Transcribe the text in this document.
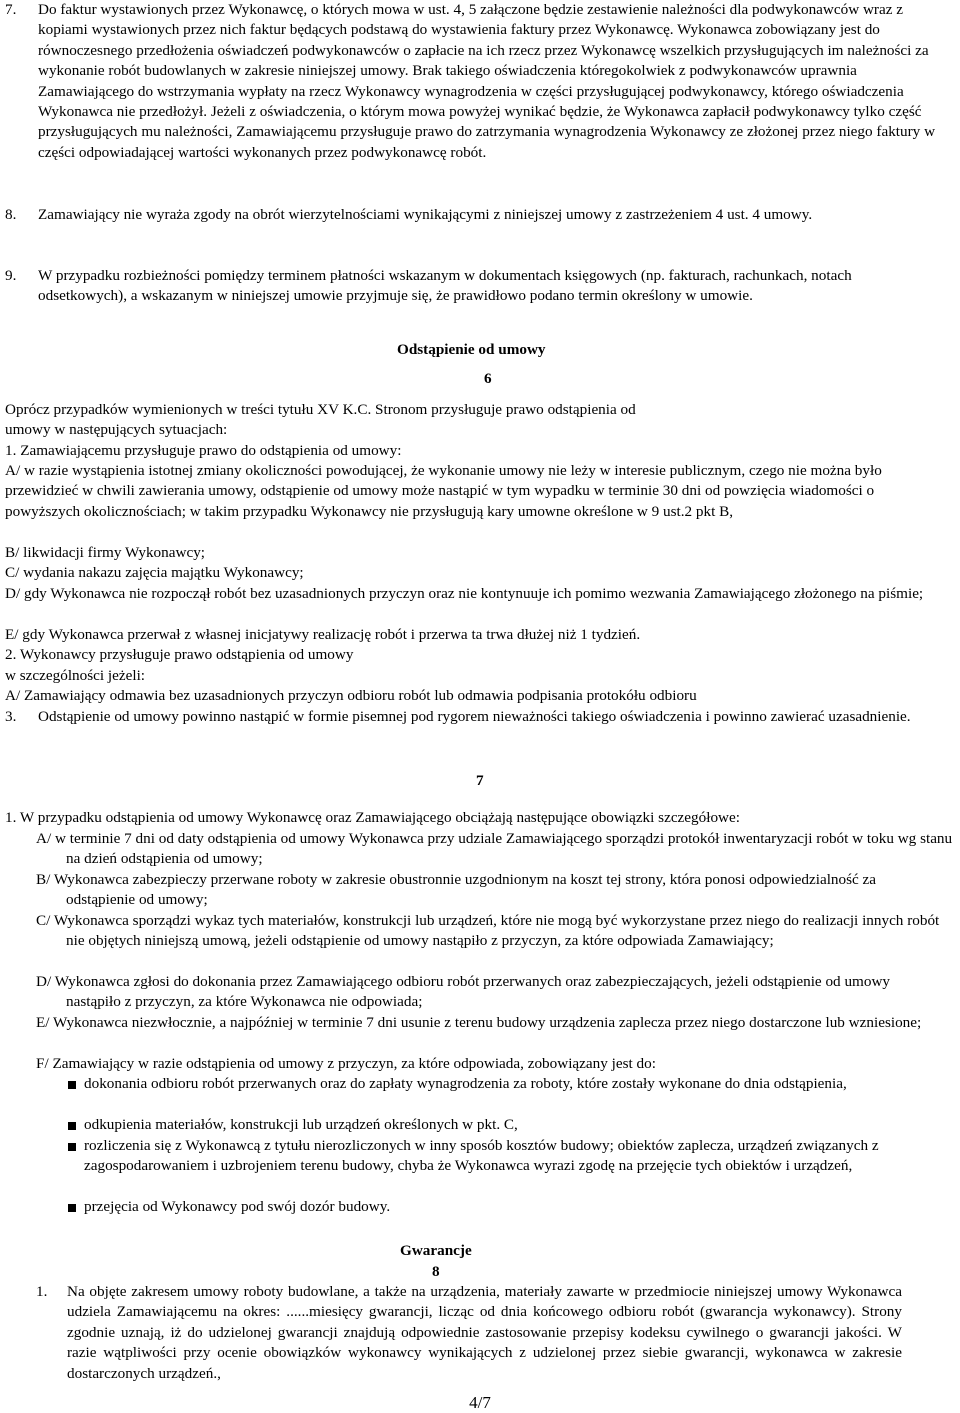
7. Do faktur wystawionych przez Wykonawcę, o których mowa w ust. 4, 5 załączone będzie zestawienie należności dla podwykonawców wraz z kopiami wystawionych przez nich faktur będących podstawą do wystawienia faktury przez Wykonawcę. Wykonawca zobowiązany jest do równoczesnego przedłożenia oświadczeń podwykonawców o zapłacie na ich rzecz przez Wykonawcę wszelkich przysługujących im należności za wykonanie robót budowlanych w zakresie niniejszej umowy. Brak takiego oświadczenia któregokolwiek z podwykonawców uprawnia Zamawiającego do wstrzymania wypłaty na rzecz Wykonawcy wynagrodzenia w części przysługującej podwykonawcy, którego oświadczenia Wykonawca nie przedłożył. Jeżeli z oświadczenia, o którym mowa powyżej wynikać będzie, że Wykonawca zapłacił podwykonawcy tylko część przysługujących mu należności, Zamawiającemu przysługuje prawo do zatrzymania wynagrodzenia Wykonawcy ze złożonej przez niego faktury w części odpowiadającej wartości wykonanych przez podwykonawcę robót.
8. Zamawiający nie wyraża zgody na obrót wierzytelnościami wynikającymi z niniejszej umowy z zastrzeżeniem 4 ust. 4 umowy.
9. W przypadku rozbieżności pomiędzy terminem płatności wskazanym w dokumentach księgowych (np. fakturach, rachunkach, notach odsetkowych), a wskazanym w niniejszej umowie przyjmuje się, że prawidłowo podano termin określony w umowie.
Odstąpienie od umowy
6
Oprócz przypadków wymienionych w treści tytułu XV K.C. Stronom przysługuje prawo odstąpienia od umowy w następujących sytuacjach:
1. Zamawiającemu przysługuje prawo do odstąpienia od umowy:
A/ w razie wystąpienia istotnej zmiany okoliczności powodującej, że wykonanie umowy nie leży w interesie publicznym, czego nie można było przewidzieć w chwili zawierania umowy, odstąpienie od umowy może nastąpić w tym wypadku w terminie 30 dni od powzięcia wiadomości o powyższych okolicznościach; w takim przypadku Wykonawcy nie przysługują kary umowne określone w 9 ust.2 pkt B,
B/ likwidacji firmy Wykonawcy;
C/ wydania nakazu zajęcia majątku Wykonawcy;
D/ gdy Wykonawca nie rozpoczął robót bez uzasadnionych przyczyn oraz nie kontynuuje ich pomimo wezwania Zamawiającego złożonego na piśmie;
E/ gdy Wykonawca przerwał z własnej inicjatywy realizację robót i przerwa ta trwa dłużej niż 1 tydzień.
2. Wykonawcy przysługuje prawo odstąpienia od umowy
w szczególności jeżeli:
A/ Zamawiający odmawia bez uzasadnionych przyczyn odbioru robót lub odmawia podpisania protokółu odbioru
3. Odstąpienie od umowy powinno nastąpić w formie pisemnej pod rygorem nieważności takiego oświadczenia i powinno zawierać uzasadnienie.
7
1. W przypadku odstąpienia od umowy Wykonawcę oraz Zamawiającego obciążają następujące obowiązki szczegółowe:
A/ w terminie 7 dni od daty odstąpienia od umowy Wykonawca przy udziale Zamawiającego sporządzi protokół inwentaryzacji robót w toku wg stanu na dzień odstąpienia od umowy;
B/ Wykonawca zabezpieczy przerwane roboty w zakresie obustronnie uzgodnionym na koszt tej strony, która ponosi odpowiedzialność za odstąpienie od umowy;
C/ Wykonawca sporządzi wykaz tych materiałów, konstrukcji lub urządzeń, które nie mogą być wykorzystane przez niego do realizacji innych robót nie objętych niniejszą umową, jeżeli odstąpienie od umowy nastąpiło z przyczyn, za które odpowiada Zamawiający;
D/ Wykonawca zgłosi do dokonania przez Zamawiającego odbioru robót przerwanych oraz zabezpieczających, jeżeli odstąpienie od umowy nastąpiło z przyczyn, za które Wykonawca nie odpowiada;
E/ Wykonawca niezwłocznie, a najpóźniej w terminie 7 dni usunie z terenu budowy urządzenia zaplecza przez niego dostarczone lub wzniesione;
F/ Zamawiający w razie odstąpienia od umowy z przyczyn, za które odpowiada, zobowiązany jest do:
dokonania odbioru robót przerwanych oraz do zapłaty wynagrodzenia za roboty, które zostały wykonane do dnia odstąpienia,
odkupienia materiałów, konstrukcji lub urządzeń określonych w pkt. C,
rozliczenia się z Wykonawcą z tytułu nierozliczonych w inny sposób kosztów budowy; obiektów zaplecza, urządzeń związanych z zagospodarowaniem i uzbrojeniem terenu budowy, chyba że Wykonawca wyrazi zgodę na przejęcie tych obiektów i urządzeń,
przejęcia od Wykonawcy pod swój dozór budowy.
Gwarancje
8
1. Na objęte zakresem umowy roboty budowlane, a także na urządzenia, materiały zawarte w przedmiocie niniejszej umowy Wykonawca udziela Zamawiającemu na okres: ......miesięcy gwarancji, licząc od dnia końcowego odbioru robót (gwarancja wykonawcy). Strony zgodnie uznają, iż do udzielonej gwarancji znajdują odpowiednie zastosowanie przepisy kodeksu cywilnego o gwarancji jakości. W razie wątpliwości przy ocenie obowiązków wykonawcy wynikających z udzielonej przez siebie gwarancji, wykonawca w zakresie dostarczonych urządzeń.,
4/7
